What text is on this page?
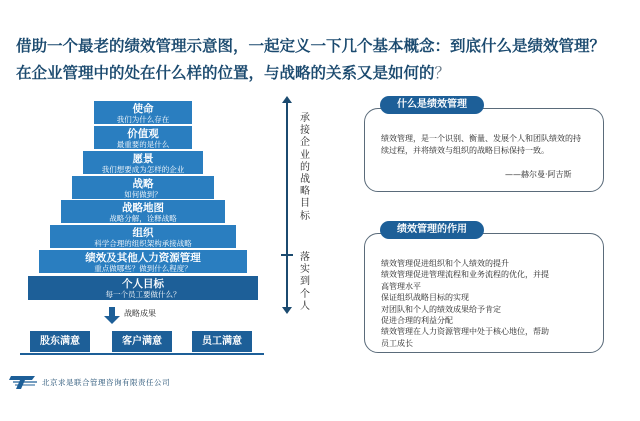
借助一个最老的绩效管理示意图，一起定义一下几个基本概念：到底什么是绩效管理？
在企业管理中的处在什么样的位置，与战略的关系又是如何的？
使命
我们为什么存在
价值观
最重要的是什么
愿景
我们想要成为怎样的企业
战略
如何做到？
战略地图
战略分解，诠释战略
组织
科学合理的组织架构承接战略
绩效及其他人力资源管理
重点做哪些？做到什么程度？
个人目标
每一个员工要做什么？
战略成果
股东满意	客户满意	员工满意
承接企业的战略目标
落实到个人
什么是绩效管理
绩效管理，是一个识别、衡量、发展个人和团队绩效的持续过程，并将绩效与组织的战略目标保持一致。
——赫尔曼·阿吉斯
绩效管理的作用
绩效管理促进组织和个人绩效的提升
绩效管理促进管理流程和业务流程的优化，并提
高管理水平
保证组织战略目标的实现
对团队和个人的绩效成果给予肯定
促进合理的利益分配
绩效管理在人力资源管理中处于核心地位，帮助
员工成长
北京求是联合管理咨询有限责任公司
